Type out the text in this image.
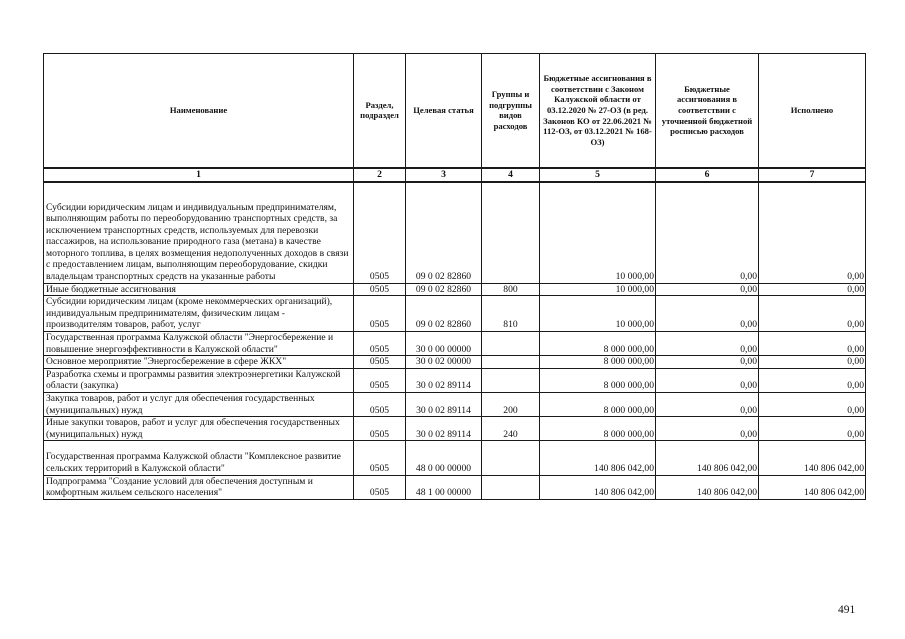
Наименование	Раздел, подраздел	Целевая статья	Группы и подгруппы видов расходов	Бюджетные ассигнования в соответствии с Законом Калужской области от 03.12.2020 № 27-ОЗ (в ред. Законов КО от 22.06.2021 № 112-ОЗ, от 03.12.2021 № 168-ОЗ)	Бюджетные ассигнования в соответствии с уточненной бюджетной росписью расходов	Исполнено
1	2	3	4	5	6	7
Субсидии юридическим лицам и индивидуальным предпринимателям, выполняющим работы по переоборудованию транспортных средств, за исключением транспортных средств, используемых для перевозки пассажиров, на использование природного газа (метана) в качестве моторного топлива, в целях возмещения недополученных доходов в связи с предоставлением лицам, выполняющим переоборудование, скидки владельцам транспортных средств на указанные работы	0505	09 0 02 82860		10 000,00	0,00	0,00
Иные бюджетные ассигнования	0505	09 0 02 82860	800	10 000,00	0,00	0,00
Субсидии юридическим лицам (кроме некоммерческих организаций), индивидуальным предпринимателям, физическим лицам - производителям товаров, работ, услуг	0505	09 0 02 82860	810	10 000,00	0,00	0,00
Государственная программа Калужской области "Энергосбережение и повышение энергоэффективности в Калужской области"	0505	30 0 00 00000		8 000 000,00	0,00	0,00
Основное мероприятие "Энергосбережение в сфере ЖКХ"	0505	30 0 02 00000		8 000 000,00	0,00	0,00
Разработка схемы и программы развития электроэнергетики Калужской области (закупка)	0505	30 0 02 89114		8 000 000,00	0,00	0,00
Закупка товаров, работ и услуг для обеспечения государственных (муниципальных) нужд	0505	30 0 02 89114	200	8 000 000,00	0,00	0,00
Иные закупки товаров, работ и услуг для обеспечения государственных (муниципальных) нужд	0505	30 0 02 89114	240	8 000 000,00	0,00	0,00
Государственная программа Калужской области "Комплексное развитие сельских территорий в Калужской области"	0505	48 0 00 00000		140 806 042,00	140 806 042,00	140 806 042,00
Подпрограмма "Создание условий для обеспечения доступным и комфортным жильем сельского населения"	0505	48 1 00 00000		140 806 042,00	140 806 042,00	140 806 042,00
491
